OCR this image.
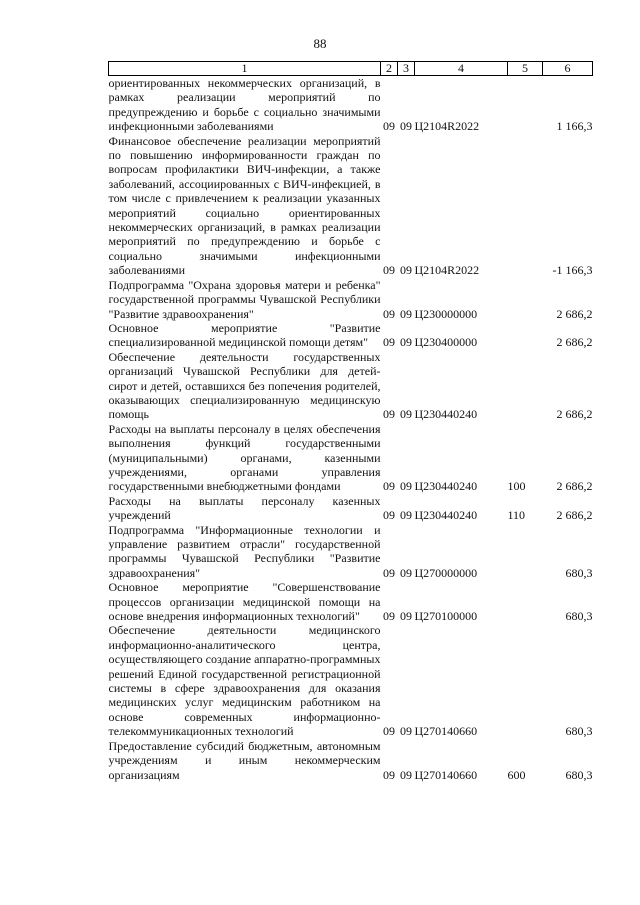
88
1	2	3	4	5	6
ориентированных некоммерческих организаций, в рамках реализации мероприятий по предупреждению и борьбе с социально значимыми инфекционными заболеваниями	09	09	Ц2104R2022		1 166,3
Финансовое обеспечение реализации мероприятий по повышению информированности граждан по вопросам профилактики ВИЧ-инфекции, а также заболеваний, ассоциированных с ВИЧ-инфекцией, в том числе с привлечением к реализации указанных мероприятий социально ориентированных некоммерческих организаций, в рамках реализации мероприятий по предупреждению и борьбе с социально значимыми инфекционными заболеваниями	09	09	Ц2104R2022		-1 166,3
Подпрограмма "Охрана здоровья матери и ребенка" государственной программы Чувашской Республики "Развитие здравоохранения"	09	09	Ц230000000		2 686,2
Основное мероприятие "Развитие специализированной медицинской помощи детям"	09	09	Ц230400000		2 686,2
Обеспечение деятельности государственных организаций Чувашской Республики для детей-сирот и детей, оставшихся без попечения родителей, оказывающих специализированную медицинскую помощь	09	09	Ц230440240		2 686,2
Расходы на выплаты персоналу в целях обеспечения выполнения функций государственными (муниципальными) органами, казенными учреждениями, органами управления государственными внебюджетными фондами	09	09	Ц230440240	100	2 686,2
Расходы на выплаты персоналу казенных учреждений	09	09	Ц230440240	110	2 686,2
Подпрограмма "Информационные технологии и управление развитием отрасли" государственной программы Чувашской Республики "Развитие здравоохранения"	09	09	Ц270000000		680,3
Основное мероприятие "Совершенствование процессов организации медицинской помощи на основе внедрения информационных технологий"	09	09	Ц270100000		680,3
Обеспечение деятельности медицинского информационно-аналитического центра, осуществляющего создание аппаратно-программных решений Единой государственной регистрационной системы в сфере здравоохранения для оказания медицинских услуг медицинским работником на основе современных информационно-телекоммуникационных технологий	09	09	Ц270140660		680,3
Предоставление субсидий бюджетным, автономным учреждениям и иным некоммерческим организациям	09	09	Ц270140660	600	680,3
